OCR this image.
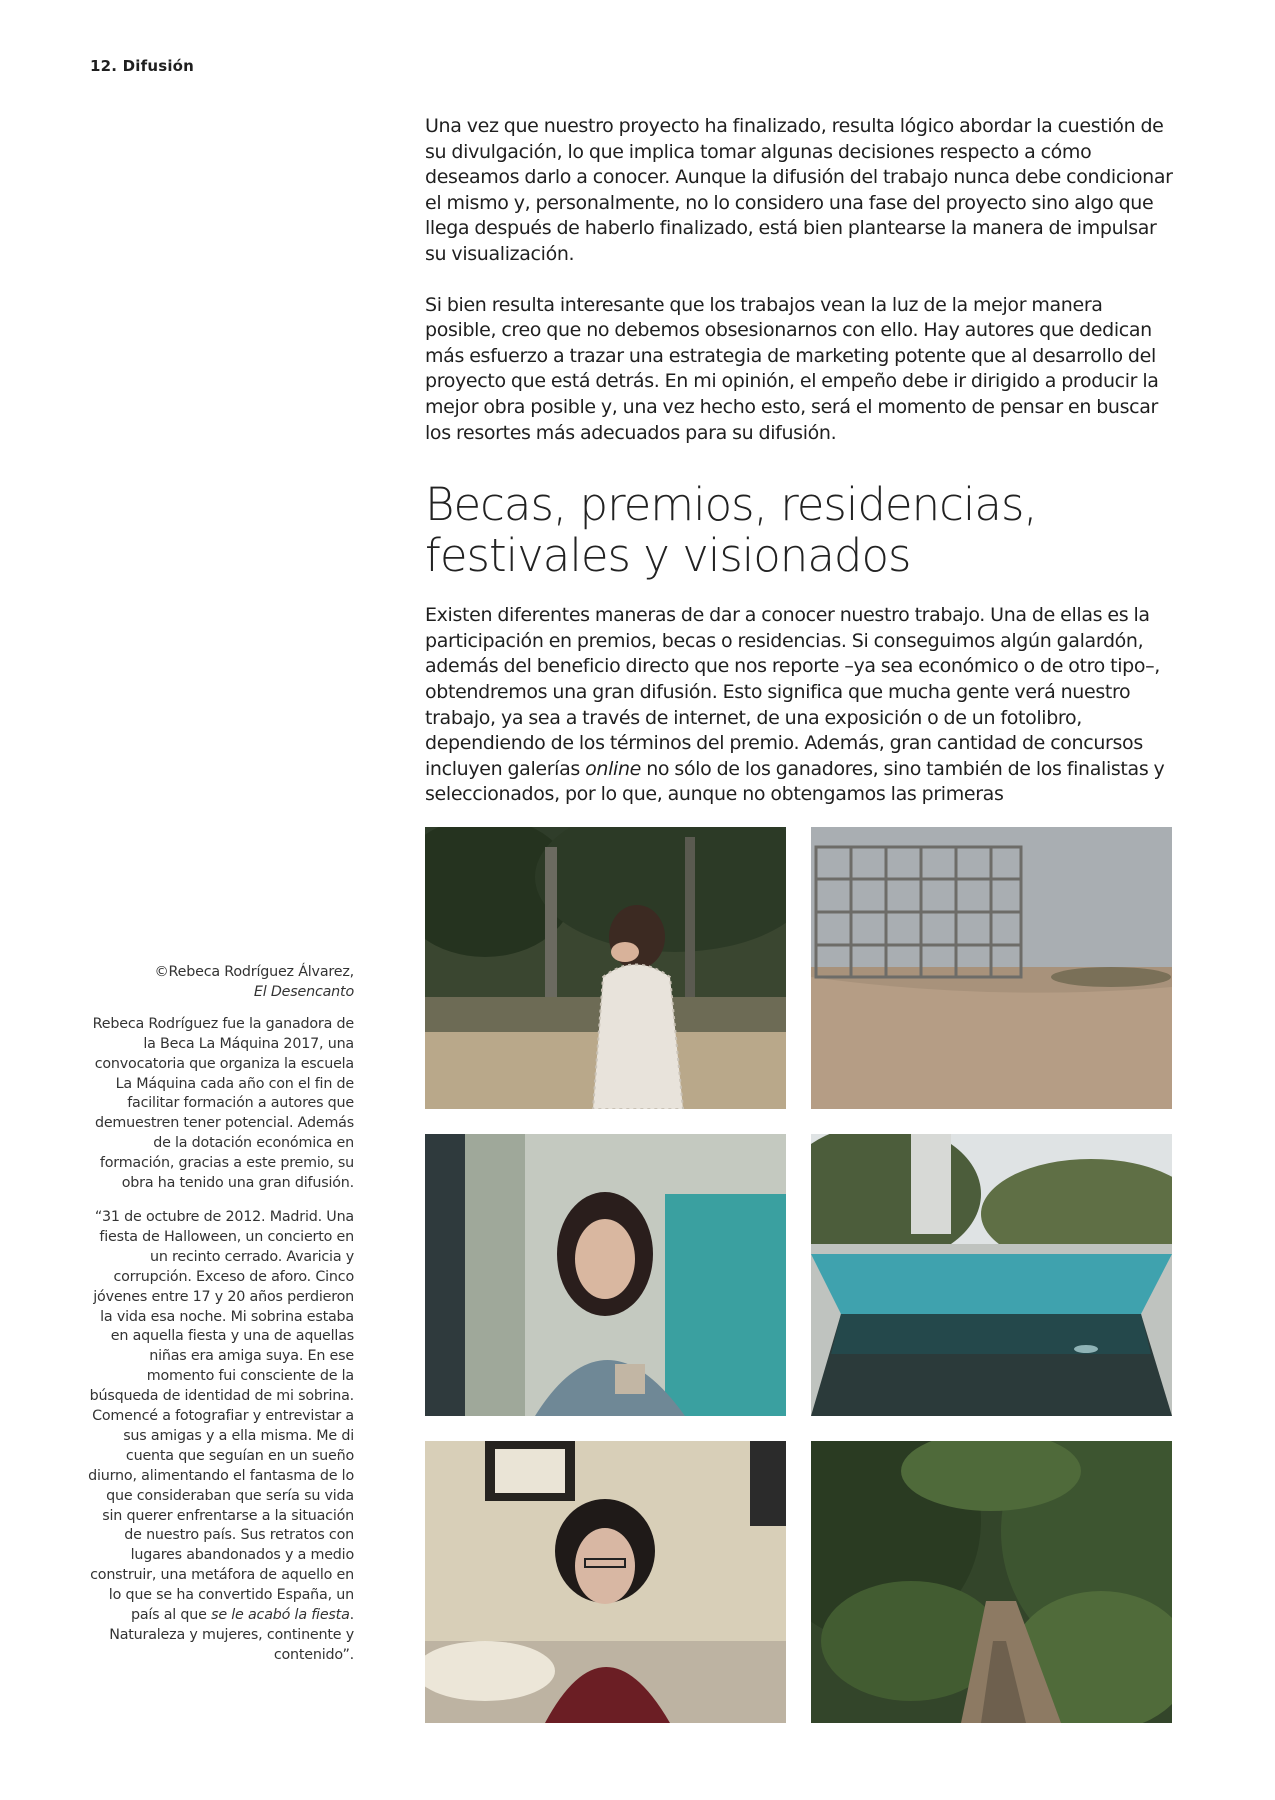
12. Difusión

Una vez que nuestro proyecto ha finalizado, resulta lógico abordar la cuestión de su divulgación, lo que implica tomar algunas decisiones respecto a cómo deseamos darlo a conocer. Aunque la difusión del trabajo nunca debe condicionar el mismo y, personalmente, no lo considero una fase del proyecto sino algo que llega después de haberlo finalizado, está bien plantearse la manera de impulsar su visualización.

Si bien resulta interesante que los trabajos vean la luz de la mejor manera posible, creo que no debemos obsesionarnos con ello. Hay autores que dedican más esfuerzo a trazar una estrategia de marketing potente que al desarrollo del proyecto que está detrás. En mi opinión, el empeño debe ir dirigido a producir la mejor obra posible y, una vez hecho esto, será el momento de pensar en buscar los resortes más adecuados para su difusión.

Becas, premios, residencias, festivales y visionados

Existen diferentes maneras de dar a conocer nuestro trabajo. Una de ellas es la participación en premios, becas o residencias. Si conseguimos algún galardón, además del beneficio directo que nos reporte –ya sea económico o de otro tipo–, obtendremos una gran difusión. Esto significa que mucha gente verá nuestro trabajo, ya sea a través de internet, de una exposición o de un fotolibro, dependiendo de los términos del premio. Además, gran cantidad de concursos incluyen galerías online no sólo de los ganadores, sino también de los finalistas y seleccionados, por lo que, aunque no obtengamos las primeras

©Rebeca Rodríguez Álvarez,
El Desencanto

Rebeca Rodríguez fue la ganadora de la Beca La Máquina 2017, una convocatoria que organiza la escuela La Máquina cada año con el fin de facilitar formación a autores que demuestren tener potencial. Además de la dotación económica en formación, gracias a este premio, su obra ha tenido una gran difusión.

“31 de octubre de 2012. Madrid. Una fiesta de Halloween, un concierto en un recinto cerrado. Avaricia y corrupción. Exceso de aforo. Cinco jóvenes entre 17 y 20 años perdieron la vida esa noche. Mi sobrina estaba en aquella fiesta y una de aquellas niñas era amiga suya. En ese momento fui consciente de la búsqueda de identidad de mi sobrina. Comencé a fotografiar y entrevistar a sus amigas y a ella misma. Me di cuenta que seguían en un sueño diurno, alimentando el fantasma de lo que consideraban que sería su vida sin querer enfrentarse a la situación de nuestro país. Sus retratos con lugares abandonados y a medio construir, una metáfora de aquello en lo que se ha convertido España, un país al que se le acabó la fiesta. Naturaleza y mujeres, continente y contenido”.
